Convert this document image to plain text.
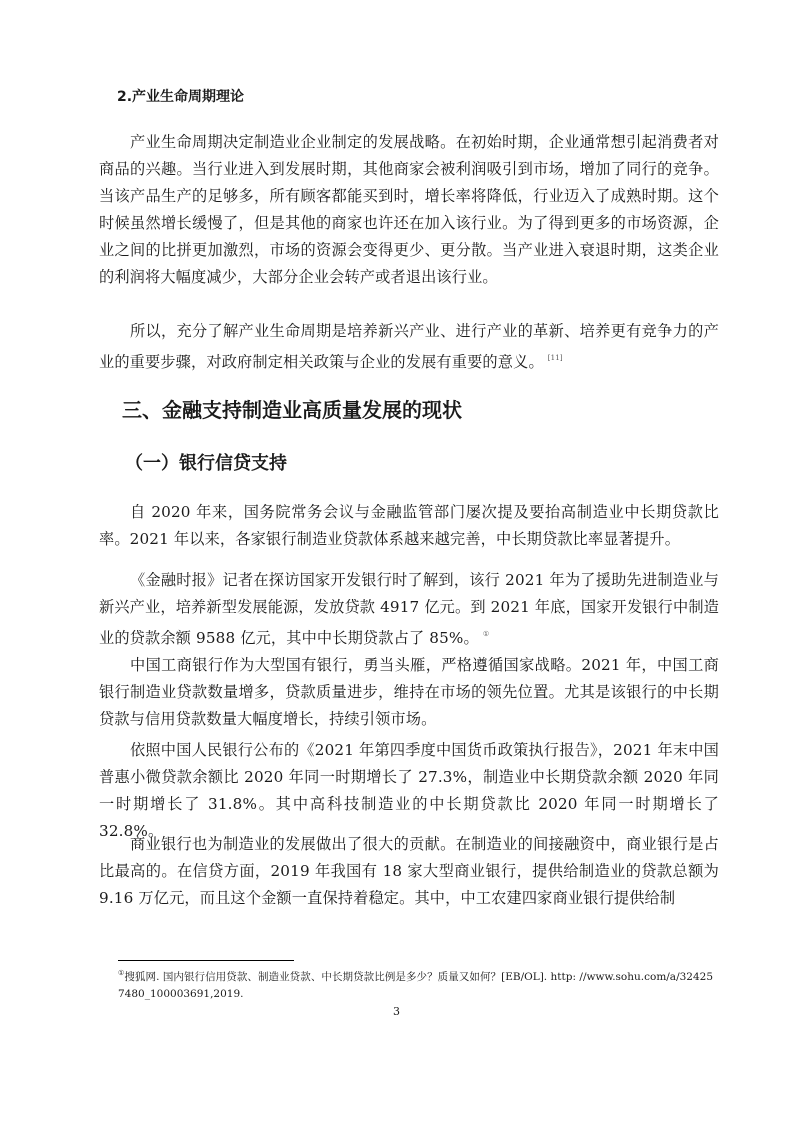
2.产业生命周期理论

产业生命周期决定制造业企业制定的发展战略。在初始时期，企业通常想引起消费者对商品的兴趣。当行业进入到发展时期，其他商家会被利润吸引到市场，增加了同行的竞争。当该产品生产的足够多，所有顾客都能买到时，增长率将降低，行业迈入了成熟时期。这个时候虽然增长缓慢了，但是其他的商家也许还在加入该行业。为了得到更多的市场资源，企业之间的比拼更加激烈，市场的资源会变得更少、更分散。当产业进入衰退时期，这类企业的利润将大幅度减少，大部分企业会转产或者退出该行业。

所以，充分了解产业生命周期是培养新兴产业、进行产业的革新、培养更有竞争力的产业的重要步骤，对政府制定相关政策与企业的发展有重要的意义。 [11]

三、金融支持制造业高质量发展的现状
（一）银行信贷支持

自 2020 年来，国务院常务会议与金融监管部门屡次提及要抬高制造业中长期贷款比率。2021 年以来，各家银行制造业贷款体系越来越完善，中长期贷款比率显著提升。

《金融时报》记者在探访国家开发银行时了解到，该行 2021 年为了援助先进制造业与新兴产业，培养新型发展能源，发放贷款 4917 亿元。到 2021 年底，国家开发银行中制造业的贷款余额 9588 亿元，其中中长期贷款占了 85%。 ①

中国工商银行作为大型国有银行，勇当头雁，严格遵循国家战略。2021 年，中国工商银行制造业贷款数量增多，贷款质量进步，维持在市场的领先位置。尤其是该银行的中长期贷款与信用贷款数量大幅度增长，持续引领市场。

依照中国人民银行公布的《2021 年第四季度中国货币政策执行报告》，2021 年末中国普惠小微贷款余额比 2020 年同一时期增长了 27.3%，制造业中长期贷款余额 2020 年同一时期增长了 31.8%。其中高科技制造业的中长期贷款比 2020 年同一时期增长了 32.8%。

商业银行也为制造业的发展做出了很大的贡献。在制造业的间接融资中，商业银行是占比最高的。在信贷方面，2019 年我国有 18 家大型商业银行，提供给制造业的贷款总额为 9.16 万亿元，而且这个金额一直保持着稳定。其中，中工农建四家商业银行提供给制

①搜狐网. 国内银行信用贷款、制造业贷款、中长期贷款比例是多少？质量又如何？[EB/OL]. http: //www.sohu.com/a/324257480_100003691,2019.

3
